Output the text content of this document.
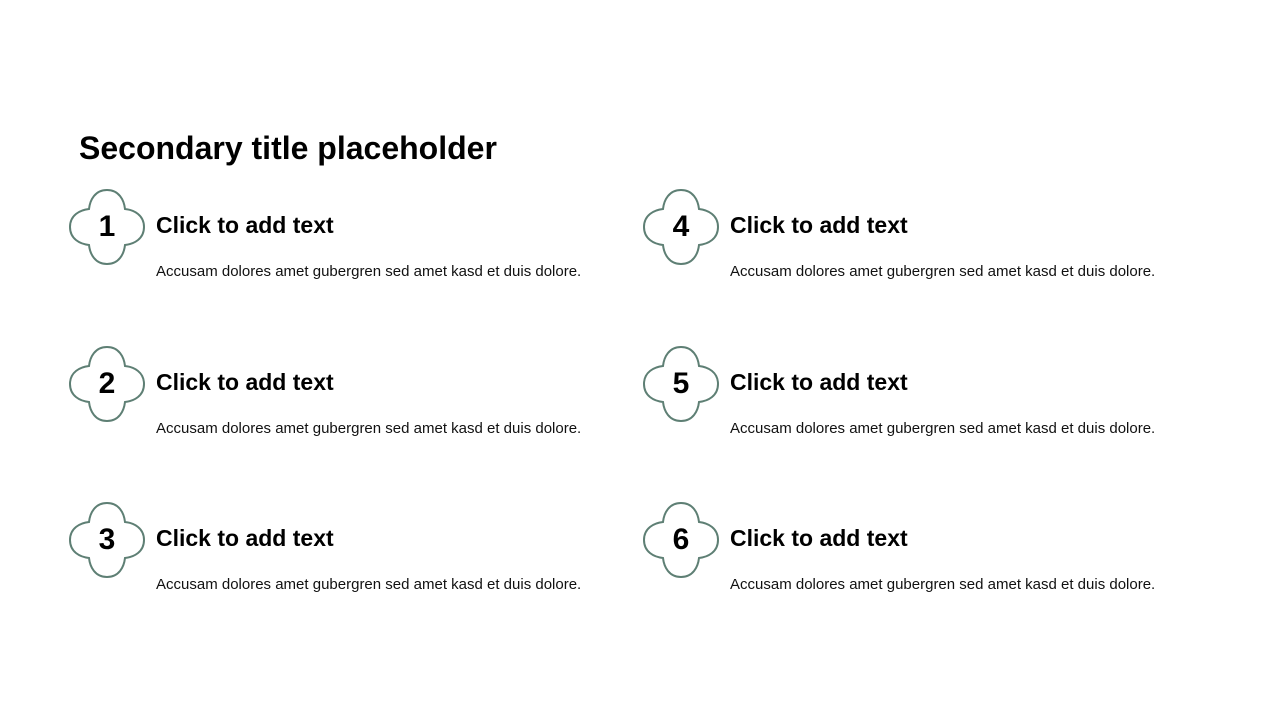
Secondary title placeholder
1	Click to add text
Accusam dolores amet gubergren sed amet kasd et duis dolore.
2	Click to add text
Accusam dolores amet gubergren sed amet kasd et duis dolore.
3	Click to add text
Accusam dolores amet gubergren sed amet kasd et duis dolore.
4	Click to add text
Accusam dolores amet gubergren sed amet kasd et duis dolore.
5	Click to add text
Accusam dolores amet gubergren sed amet kasd et duis dolore.
6	Click to add text
Accusam dolores amet gubergren sed amet kasd et duis dolore.
